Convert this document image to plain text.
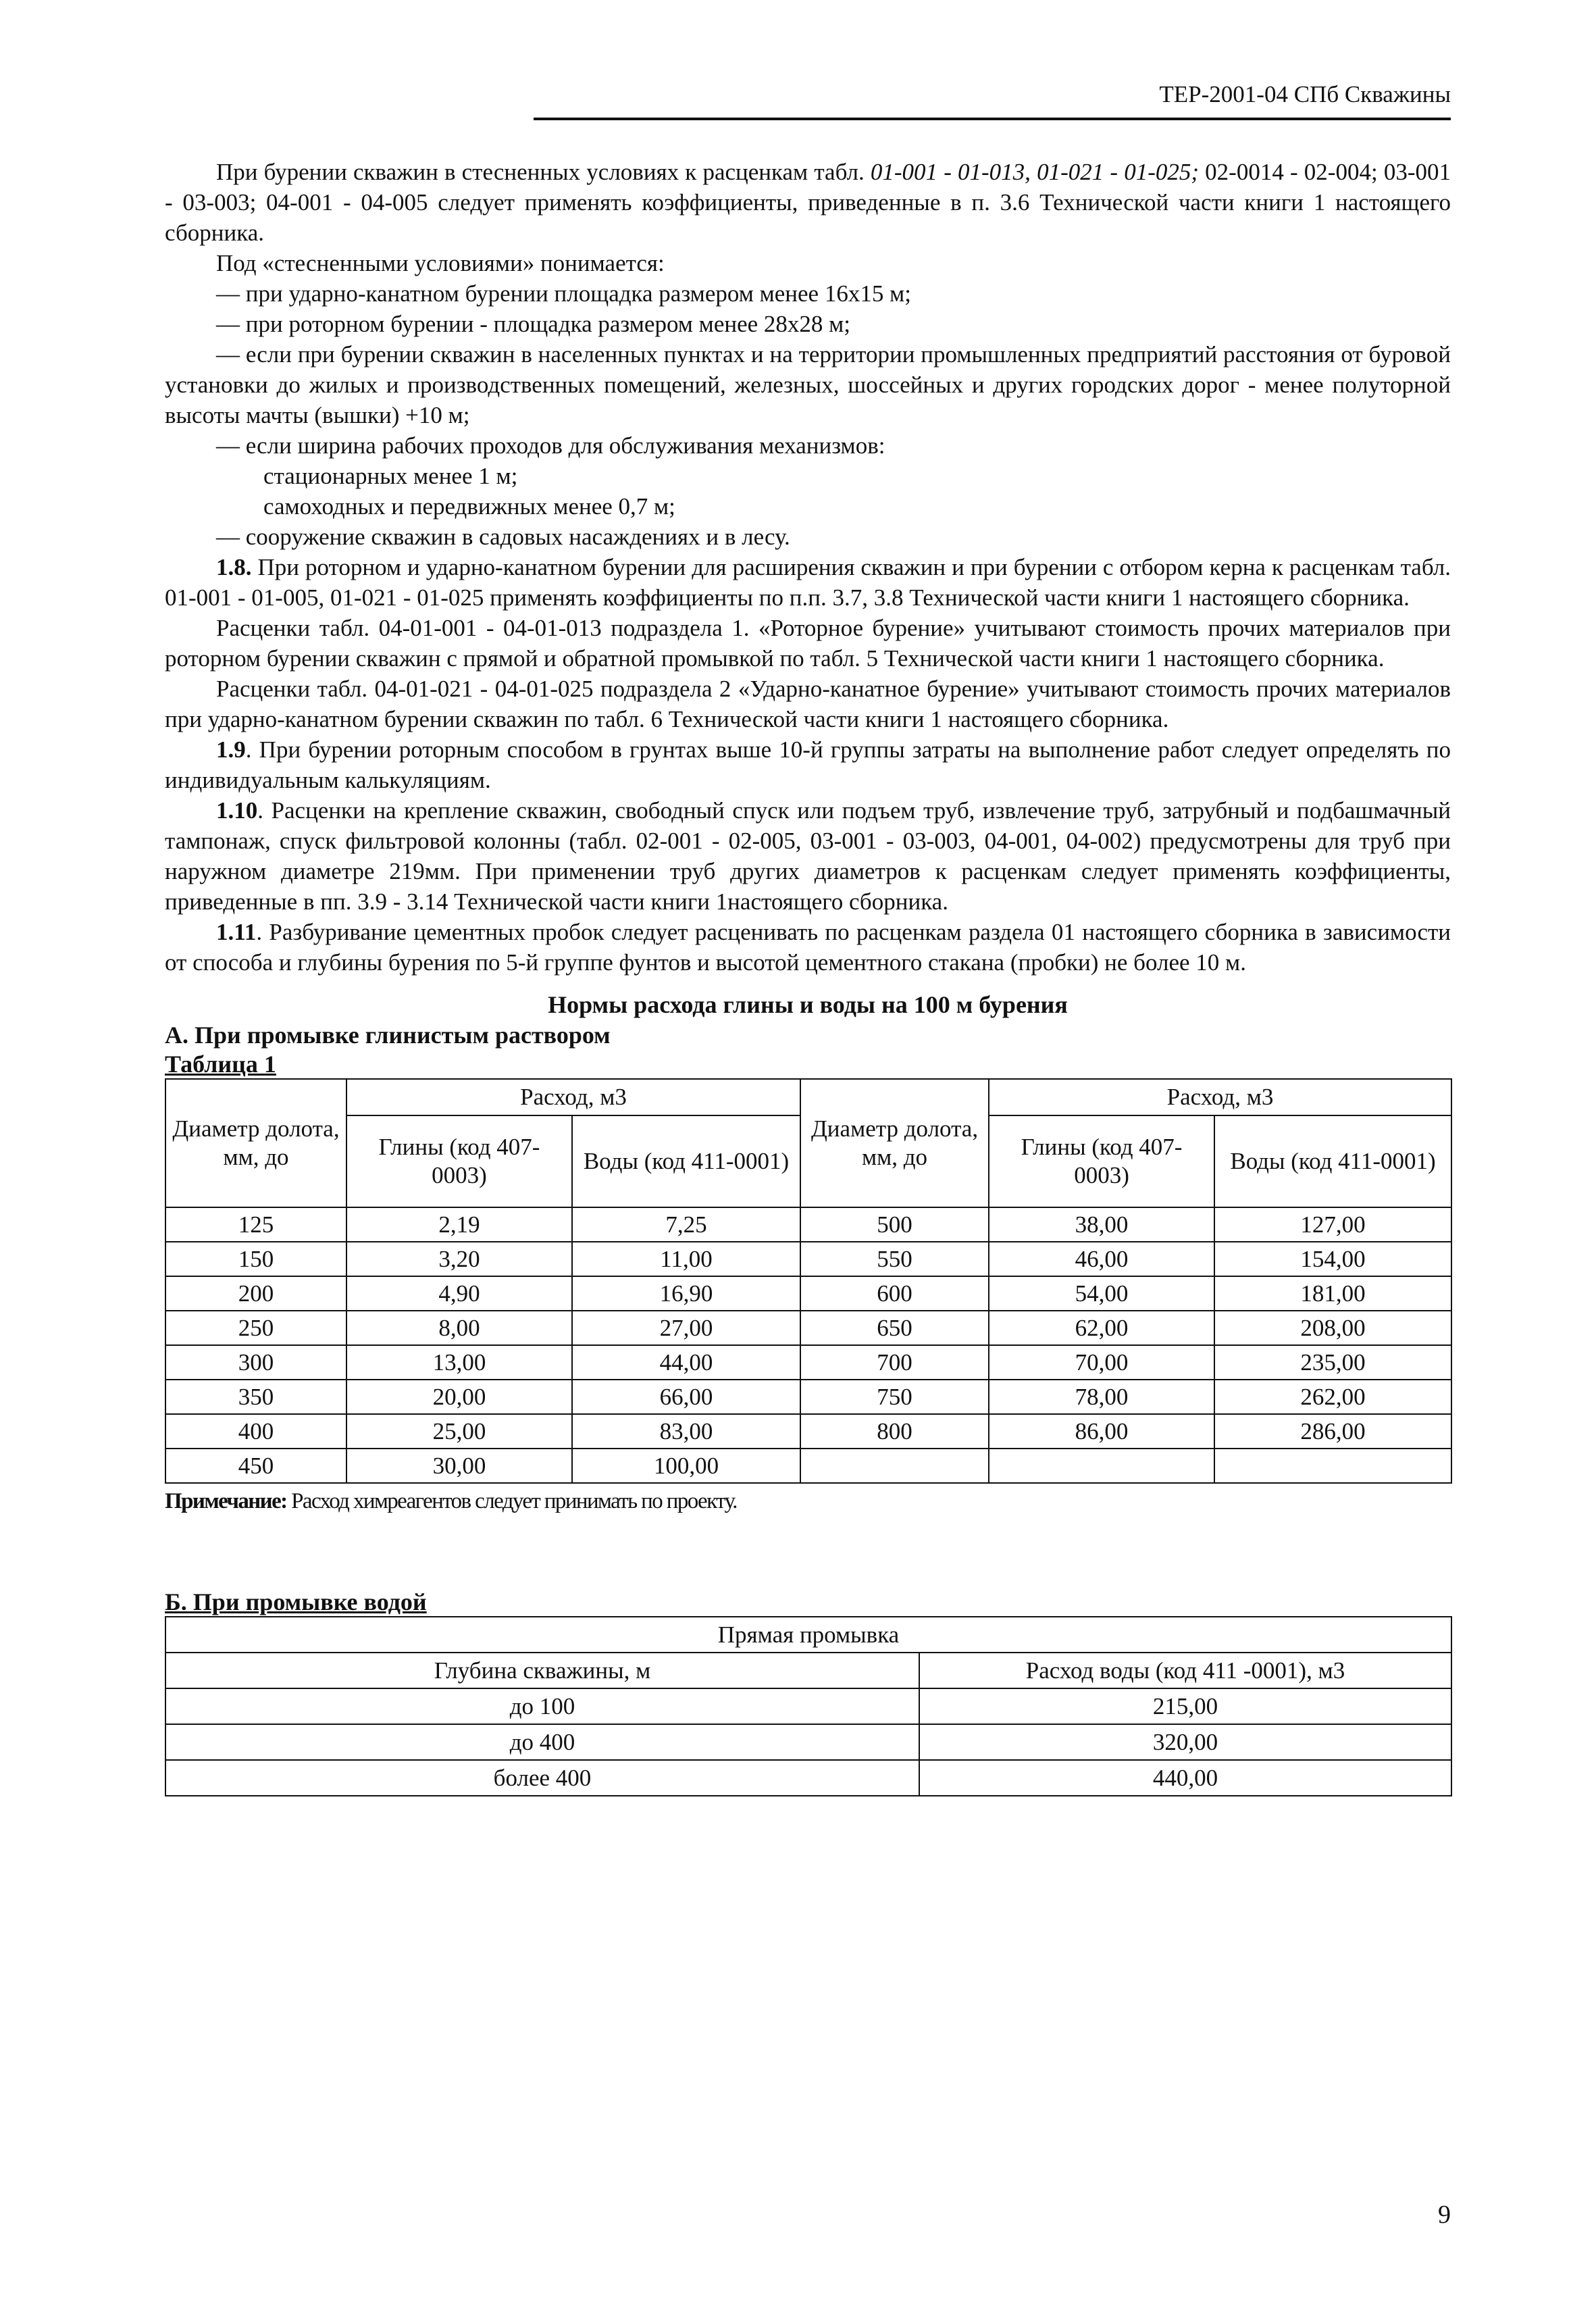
ТЕР-2001-04 СПб Скважины

При бурении скважин в стесненных условиях к расценкам табл. 01-001 - 01-013, 01-021 - 01-025; 02-0014 - 02-004; 03-001 - 03-003; 04-001 - 04-005 следует применять коэффициенты, приведенные в п. 3.6 Технической части книги 1 настоящего сборника.

Под «стесненными условиями» понимается:

— при ударно-канатном бурении площадка размером менее 16х15 м;

— при роторном бурении - площадка размером менее 28х28 м;

— если при бурении скважин в населенных пунктах и на территории промышленных предприятий расстояния от буровой установки до жилых и производственных помещений, железных, шоссейных и других городских дорог - менее полуторной высоты мачты (вышки) +10 м;

— если ширина рабочих проходов для обслуживания механизмов:

стационарных менее 1 м;

самоходных и передвижных менее 0,7 м;

— сооружение скважин в садовых насаждениях и в лесу.

1.8. При роторном и ударно-канатном бурении для расширения скважин и при бурении с отбором керна к расценкам табл. 01-001 - 01-005, 01-021 - 01-025 применять коэффициенты по п.п. 3.7, 3.8 Технической части книги 1 настоящего сборника.

Расценки табл. 04-01-001 - 04-01-013 подраздела 1. «Роторное бурение» учитывают стоимость прочих материалов при роторном бурении скважин с прямой и обратной промывкой по табл. 5 Технической части книги 1 настоящего сборника.

Расценки табл. 04-01-021 - 04-01-025 подраздела 2 «Ударно-канатное бурение» учитывают стоимость прочих материалов при ударно-канатном бурении скважин по табл. 6 Технической части книги 1 настоящего сборника.

1.9. При бурении роторным способом в грунтах выше 10-й группы затраты на выполнение работ следует определять по индивидуальным калькуляциям.

1.10. Расценки на крепление скважин, свободный спуск или подъем труб, извлечение труб, затрубный и подбашмачный тампонаж, спуск фильтровой колонны (табл. 02-001 - 02-005, 03-001 - 03-003, 04-001, 04-002) предусмотрены для труб при наружном диаметре 219мм. При применении труб других диаметров к расценкам следует применять коэффициенты, приведенные в пп. 3.9 - 3.14 Технической части книги 1настоящего сборника.

1.11. Разбуривание цементных пробок следует расценивать по расценкам раздела 01 настоящего сборника в зависимости от способа и глубины бурения по 5-й группе фунтов и высотой цементного стакана (пробки) не более 10 м.

Нормы расхода глины и воды на 100 м бурения
А. При промывке глинистым раствором
Таблица 1
Диаметр долота, мм, до	Расход, м3		Диаметр долота, мм, до	Расход, м3	
	Глины (код 407-0003)	Воды (код 411-0001)		Глины (код 407-0003)	Воды (код 411-0001)
125	2,19	7,25	500	38,00	127,00
150	3,20	11,00	550	46,00	154,00
200	4,90	16,90	600	54,00	181,00
250	8,00	27,00	650	62,00	208,00
300	13,00	44,00	700	70,00	235,00
350	20,00	66,00	750	78,00	262,00
400	25,00	83,00	800	86,00	286,00
450	30,00	100,00			

Примечание: Расход химреагентов следует принимать по проекту.

Б. При промывке водой
Прямая промывка	
Глубина скважины, м	Расход воды (код 411 -0001), м3
до 100	215,00
до 400	320,00
более 400	440,00
9
